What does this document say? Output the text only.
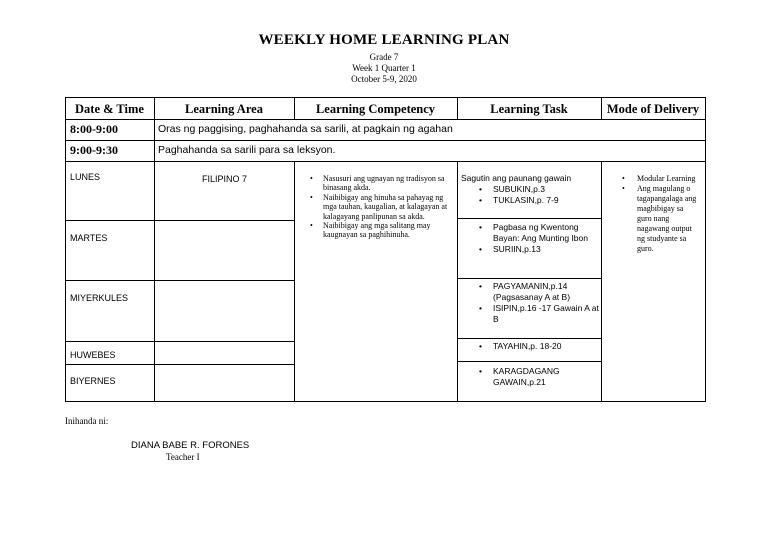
WEEKLY HOME LEARNING PLAN
Grade 7
Week 1 Quarter 1
October 5-9, 2020
Date & Time	Learning Area	Learning Competency	Learning Task	Mode of Delivery
8:00-9:00	Oras ng paggising, paghahanda sa sarili, at pagkain ng agahan
9:00-9:30	Paghahanda sa sarili para sa leksyon.
LUNES
MARTES
MIYERKULES
HUWEBES
BIYERNES
FILIPINO 7
•	Nasusuri ang ugnayan ng tradisyon sa binasang akda.
• Naibibigay ang hinuha sa pahayag ng mga tauhan, kaugalian, at kalagayan at kalagayang panlipunan sa akda.
• Naibibigay ang mga salitang may kaugnayan sa paghihinuha.
Sagutin ang paunang gawain
• SUBUKIN,p.3
• TUKLASIN,p. 7-9
• Pagbasa ng Kwentong Bayan: Ang Munting Ibon
• SURIIN,p.13
• PAGYAMANIN,p.14 (Pagsasanay A at B)
• ISIPIN,p.16 -17 Gawain A at B
• TAYAHIN,p. 18-20
• KARAGDAGANG GAWAIN,p.21
• Modular Learning
• Ang magulang o tagapangalaga ang magbibigay sa guro nang nagawang output ng studyante sa guro.
Inihanda ni:
DIANA BABE R. FORONES
Teacher I
